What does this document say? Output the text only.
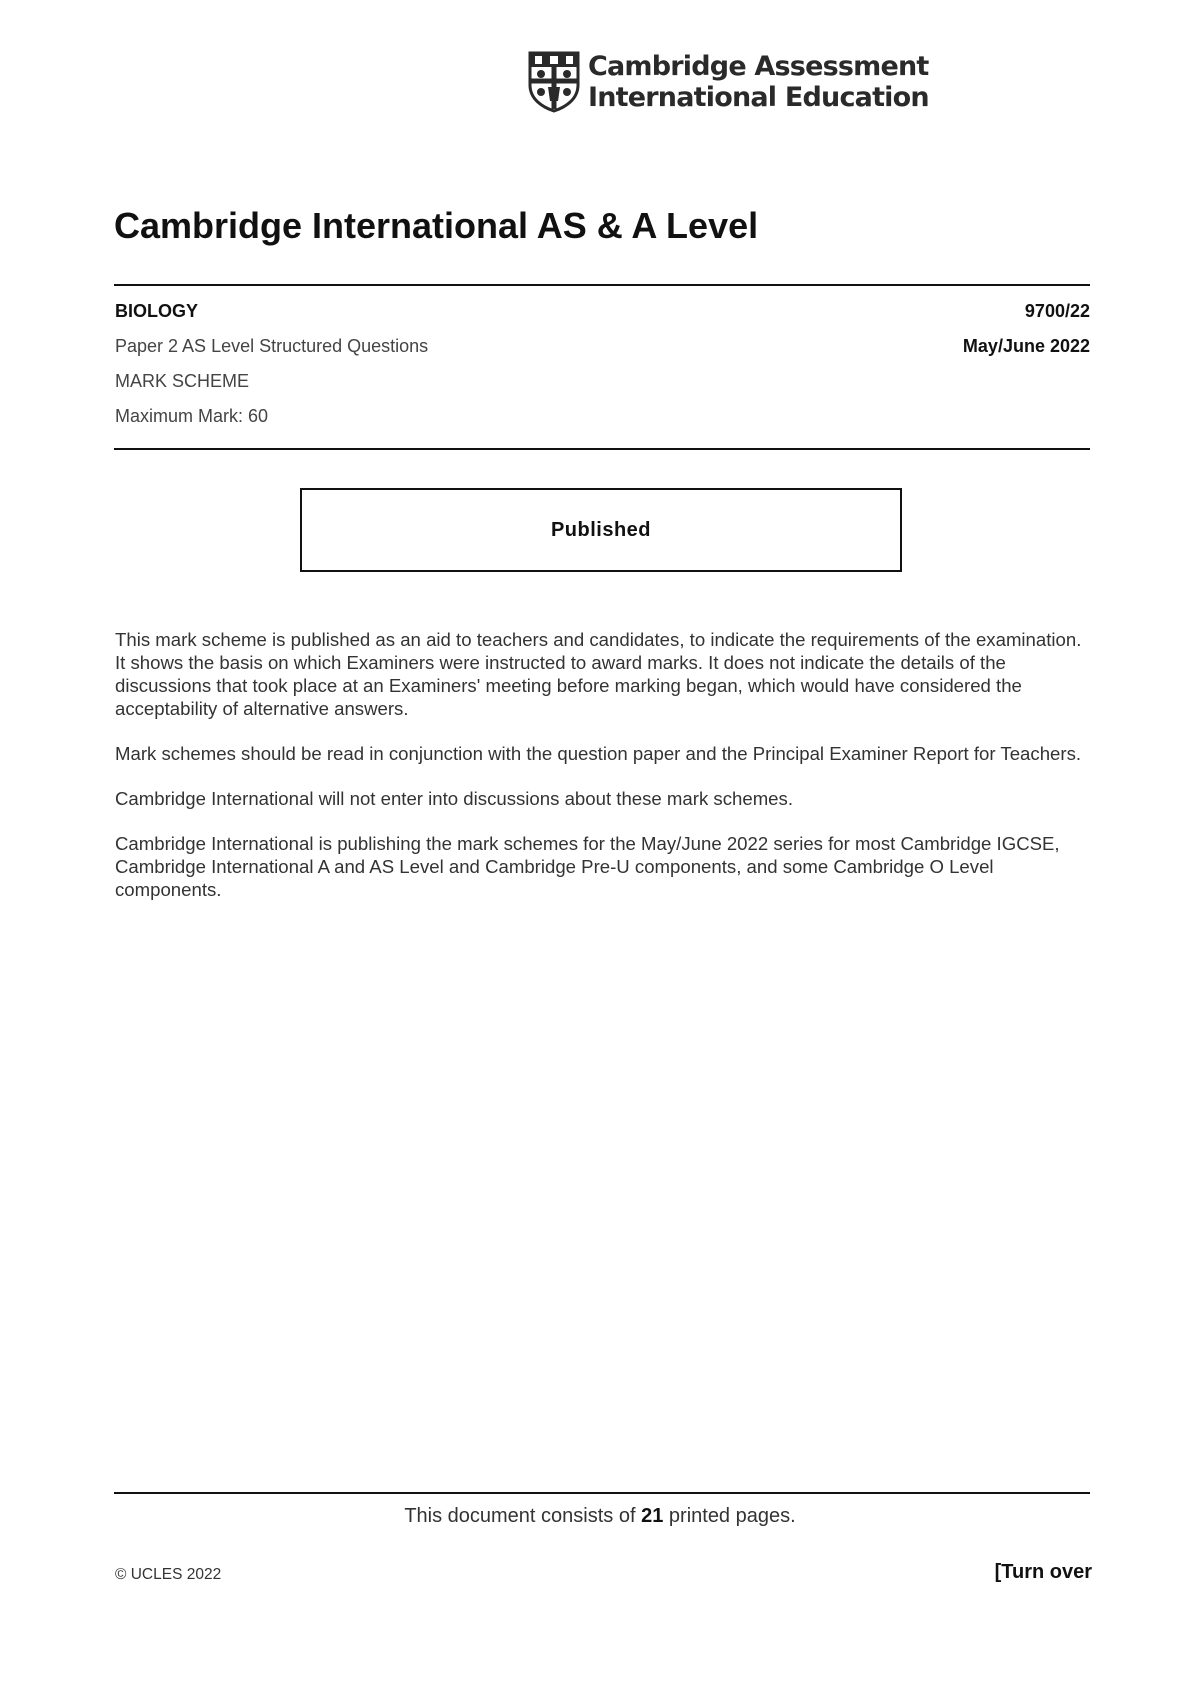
Cambridge Assessment
International Education
Cambridge International AS & A Level
BIOLOGY
Paper 2 AS Level Structured Questions
MARK SCHEME
Maximum Mark: 60
9700/22
May/June 2022
Published

This mark scheme is published as an aid to teachers and candidates, to indicate the requirements of the examination. It shows the basis on which Examiners were instructed to award marks. It does not indicate the details of the discussions that took place at an Examiners' meeting before marking began, which would have considered the acceptability of alternative answers.

Mark schemes should be read in conjunction with the question paper and the Principal Examiner Report for Teachers.

Cambridge International will not enter into discussions about these mark schemes.

Cambridge International is publishing the mark schemes for the May/June 2022 series for most Cambridge IGCSE, Cambridge International A and AS Level and Cambridge Pre-U components, and some Cambridge O Level components.

This document consists of 21 printed pages.
© UCLES 2022	[Turn over
